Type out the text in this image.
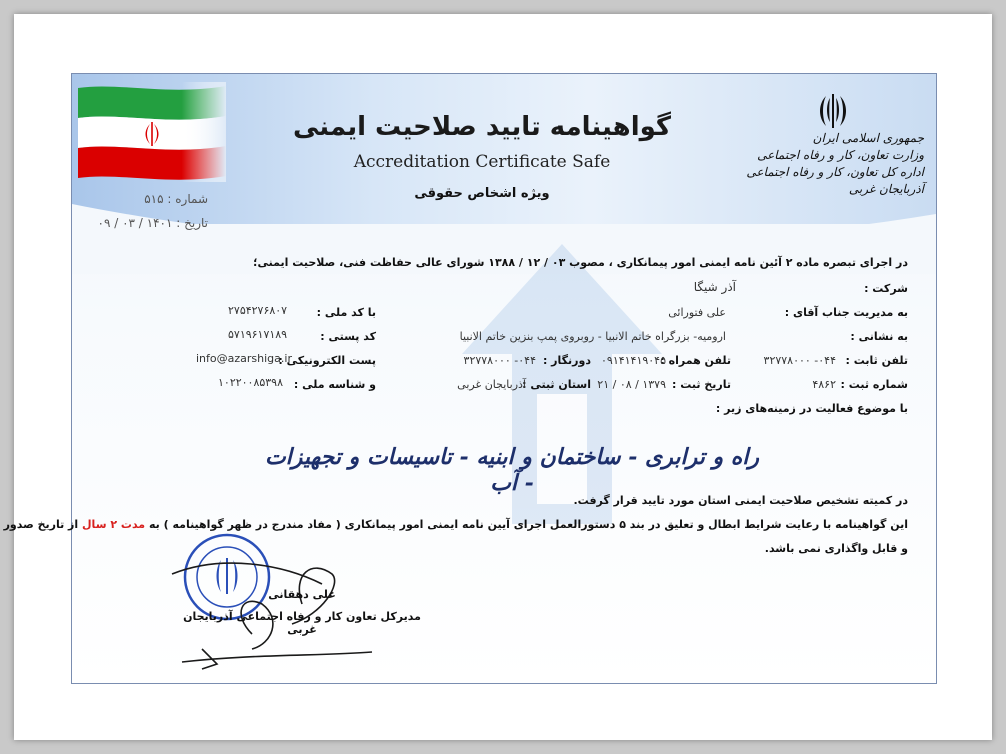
جمهوری اسلامی ایران
وزارت تعاون، کار و رفاه اجتماعی
اداره کل تعاون، کار و رفاه اجتماعی آذربایجان غربی
گواهینامه تایید صلاحیت ایمنی
Accreditation Certificate Safe
ویژه اشخاص حقوقی
شماره : ۵۱۵
تاریخ : ۱۴۰۱ / ۰۳ / ۰۹
در اجرای تبصره ماده ۲ آئین نامه ایمنی امور پیمانکاری ، مصوب ۰۳ / ۱۲ / ۱۳۸۸ شورای عالی حفاظت فنی، صلاحیت ایمنی؛
شرکت :
آذر شیگا
به مدیریت جناب آقای :
علی فتورائی
با کد ملی :
۲۷۵۴۲۷۶۸۰۷
به نشانی :
ارومیه- بزرگراه خاتم الانبیا - روبروی پمپ بنزین خاتم الانبیا
کد پستی :
۵۷۱۹۶۱۷۱۸۹
تلفن ثابت :
۰۴۴- ۳۲۷۷۸۰۰۰
تلفن همراه :
۰۹۱۴۱۴۱۹۰۴۵
دورنگار :
۰۴۴- ۳۲۷۷۸۰۰۰
پست الکترونیکی :
info@azarshiga.ir
شماره ثبت :
۴۸۶۲
تاریخ ثبت :
۱۳۷۹ / ۰۸ / ۲۱
استان ثبتی :
آذربایجان غربی
و شناسه ملی :
۱۰۲۲۰۰۸۵۳۹۸
با موضوع فعالیت در زمینه‌های زیر :
راه و ترابری - ساختمان و ابنیه - تاسیسات و تجهیزات - آب
در کمیته تشخیص صلاحیت ایمنی استان مورد تایید قرار گرفت.
این گواهینامه با رعایت شرایط ابطال و تعلیق در بند ۵ دستورالعمل اجرای آیین نامه ایمنی امور پیمانکاری ( مفاد مندرج در ظهر گواهینامه ) به مدت ۲ سال از تاریخ صدور
و قابل واگذاری نمی باشد.
علی دهقانی
مدیرکل تعاون کار و رفاه اجتماعی آذربایجان غربی
